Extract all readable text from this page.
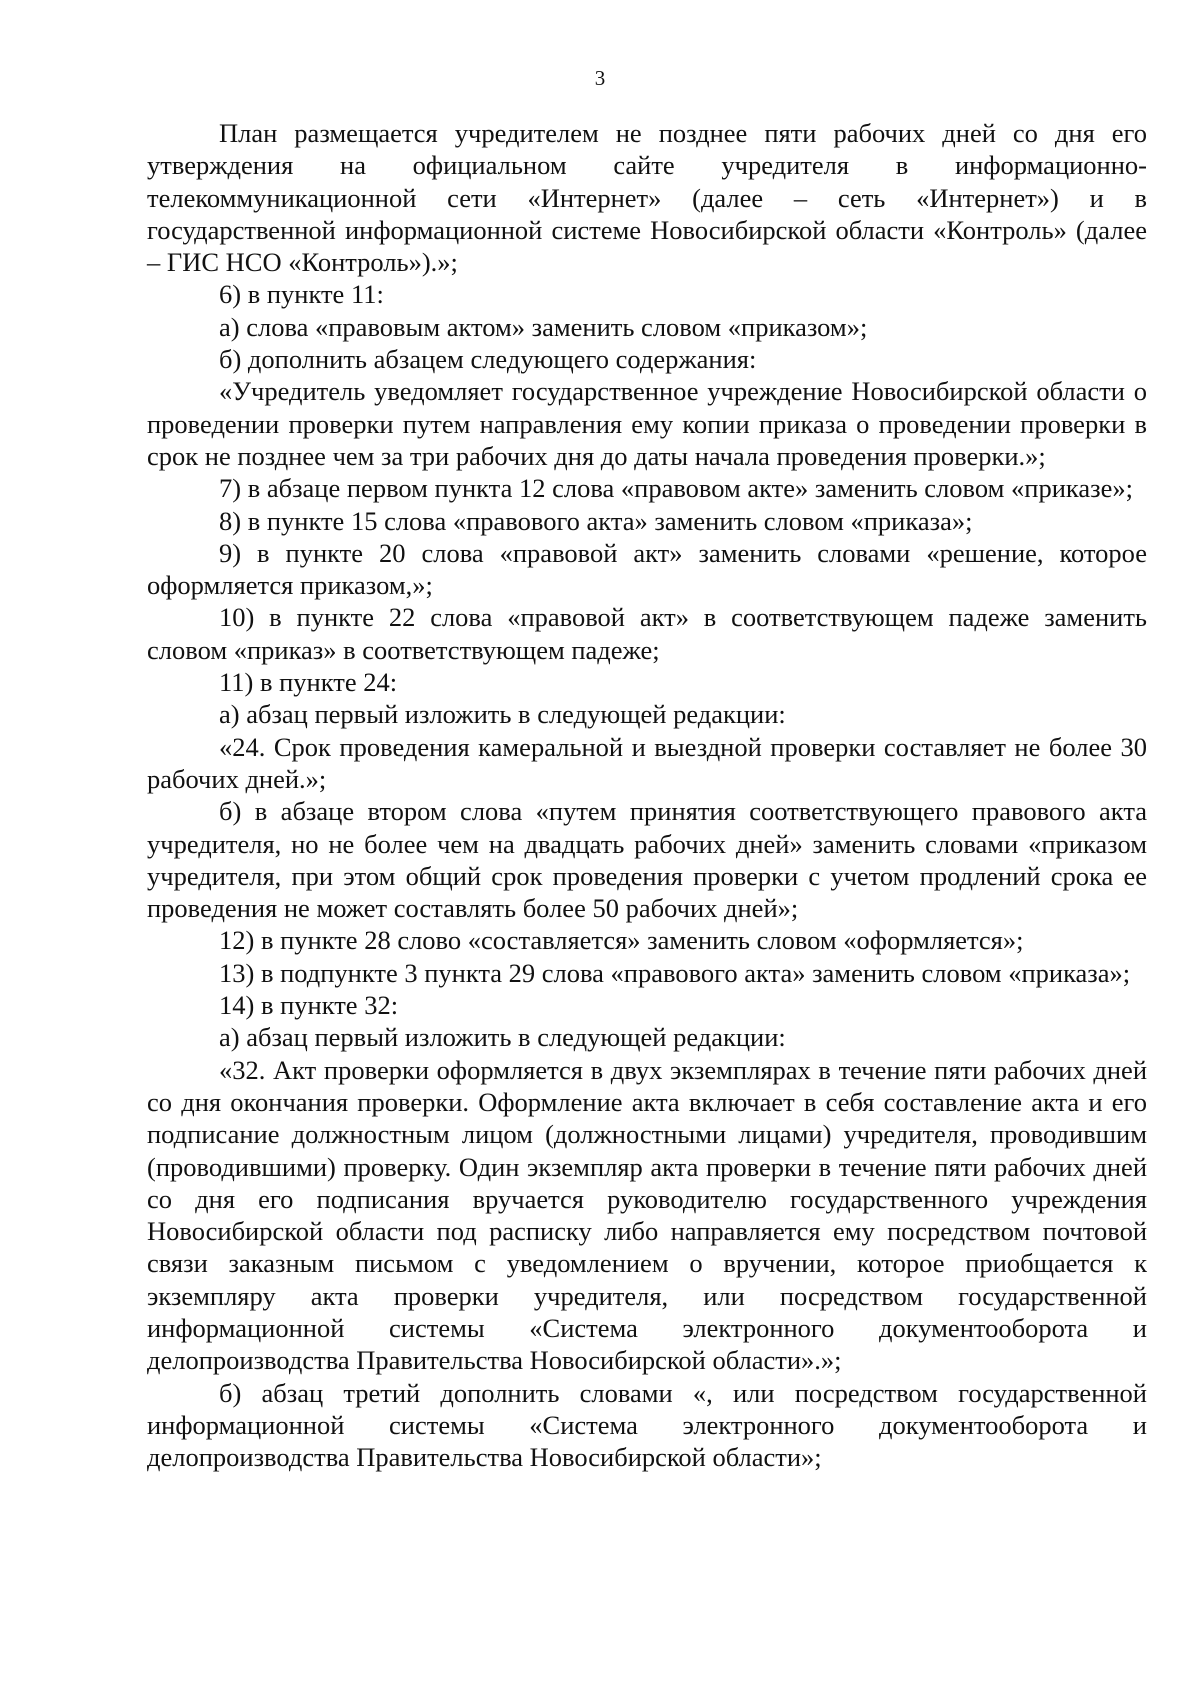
3

План размещается учредителем не позднее пяти рабочих дней со дня его утверждения на официальном сайте учредителя в информационно-телекоммуникационной сети «Интернет» (далее – сеть «Интернет») и в государственной информационной системе Новосибирской области «Контроль» (далее – ГИС НСО «Контроль»).»;

6) в пункте 11:

а) слова «правовым актом» заменить словом «приказом»;

б) дополнить абзацем следующего содержания:

«Учредитель уведомляет государственное учреждение Новосибирской области о проведении проверки путем направления ему копии приказа о проведении проверки в срок не позднее чем за три рабочих дня до даты начала проведения проверки.»;

7) в абзаце первом пункта 12 слова «правовом акте» заменить словом «приказе»;

8) в пункте 15 слова «правового акта» заменить словом «приказа»;

9) в пункте 20 слова «правовой акт» заменить словами «решение, которое оформляется приказом,»;

10) в пункте 22 слова «правовой акт» в соответствующем падеже заменить словом «приказ» в соответствующем падеже;

11) в пункте 24:

а) абзац первый изложить в следующей редакции:

«24. Срок проведения камеральной и выездной проверки составляет не более 30 рабочих дней.»;

б) в абзаце втором слова «путем принятия соответствующего правового акта учредителя, но не более чем на двадцать рабочих дней» заменить словами «приказом учредителя, при этом общий срок проведения проверки с учетом продлений срока ее проведения не может составлять более 50 рабочих дней»;

12) в пункте 28 слово «составляется» заменить словом «оформляется»;

13) в подпункте 3 пункта 29 слова «правового акта» заменить словом «приказа»;

14) в пункте 32:

а) абзац первый изложить в следующей редакции:

«32. Акт проверки оформляется в двух экземплярах в течение пяти рабочих дней со дня окончания проверки. Оформление акта включает в себя составление акта и его подписание должностным лицом (должностными лицами) учредителя, проводившим (проводившими) проверку. Один экземпляр акта проверки в течение пяти рабочих дней со дня его подписания вручается руководителю государственного учреждения Новосибирской области под расписку либо направляется ему посредством почтовой связи заказным письмом с уведомлением о вручении, которое приобщается к экземпляру акта проверки учредителя, или посредством государственной информационной системы «Система электронного документооборота и делопроизводства Правительства Новосибирской области».»;

б) абзац третий дополнить словами «, или посредством государственной информационной системы «Система электронного документооборота и делопроизводства Правительства Новосибирской области»;
